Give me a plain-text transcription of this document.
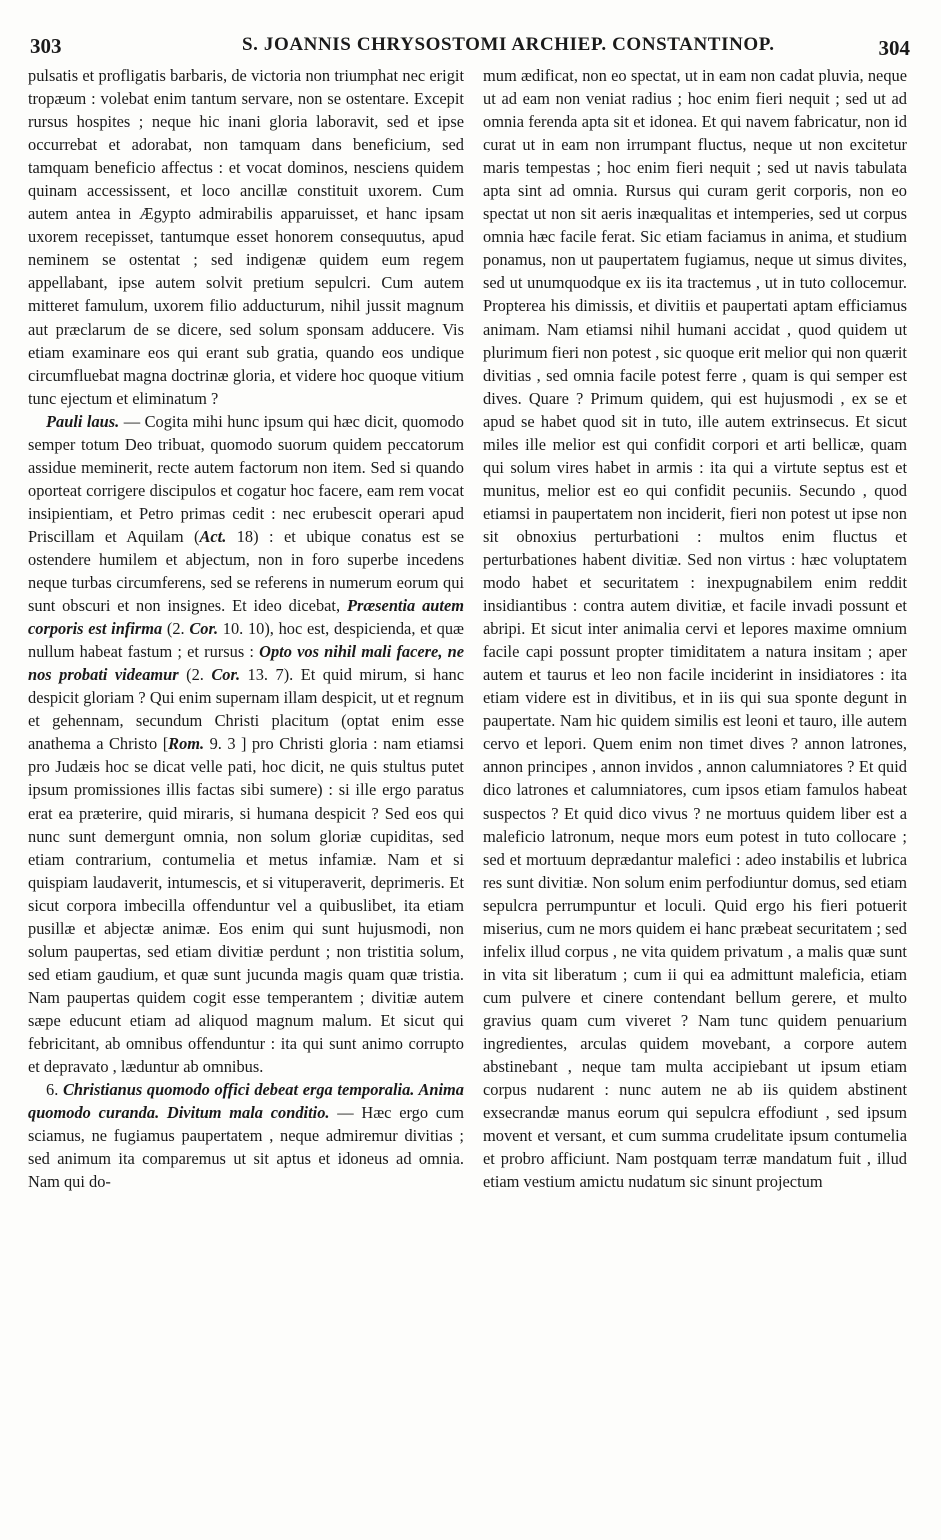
303	S. JOANNIS CHRYSOSTOMI ARCHIEP. CONSTANTINOP.	304

pulsatis et profligatis barbaris, de victoria non triumphat nec erigit tropæum : volebat enim tantum servare, non se ostentare. Excepit rursus hospites ; neque hic inani gloria laboravit, sed et ipse occurrebat et adorabat, non tamquam dans beneficium, sed tamquam beneficio affectus : et vocat dominos, nesciens quidem quinam accessissent, et loco ancillæ constituit uxorem. Cum autem antea in Ægypto admirabilis apparuisset, et hanc ipsam uxorem recepisset, tantumque esset honorem consequutus, apud neminem se ostentat ; sed indigenæ quidem eum regem appellabant, ipse autem solvit pretium sepulcri. Cum autem mitteret famulum, uxorem filio adducturum, nihil jussit magnum aut præclarum de se dicere, sed solum sponsam adducere. Vis etiam examinare eos qui erant sub gratia, quando eos undique circumfluebat magna doctrinæ gloria, et videre hoc quoque vitium tunc ejectum et eliminatum ?

Pauli laus. — Cogita mihi hunc ipsum qui hæc dicit, quomodo semper totum Deo tribuat, quomodo suorum quidem peccatorum assidue meminerit, recte autem factorum non item. Sed si quando oporteat corrigere discipulos et cogatur hoc facere, eam rem vocat insipientiam, et Petro primas cedit : nec erubescit operari apud Priscillam et Aquilam (Act. 18) : et ubique conatus est se ostendere humilem et abjectum, non in foro superbe incedens neque turbas circumferens, sed se referens in numerum eorum qui sunt obscuri et non insignes. Et ideo dicebat, Præsentia autem corporis est infirma (2. Cor. 10. 10), hoc est, despicienda, et quæ nullum habeat fastum ; et rursus : Opto vos nihil mali facere, ne nos probati videamur (2. Cor. 13. 7). Et quid mirum, si hanc despicit gloriam ? Qui enim supernam illam despicit, ut et regnum et gehennam, secundum Christi placitum (optat enim esse anathema a Christo [Rom. 9. 3 ] pro Christi gloria : nam etiamsi pro Judæis hoc se dicat velle pati, hoc dicit, ne quis stultus putet ipsum promissiones illis factas sibi sumere) : si ille ergo paratus erat ea præterire, quid miraris, si humana despicit ? Sed eos qui nunc sunt demergunt omnia, non solum gloriæ cupiditas, sed etiam contrarium, contumelia et metus infamiæ. Nam et si quispiam laudaverit, intumescis, et si vituperaverit, deprimeris. Et sicut corpora imbecilla offenduntur vel a quibuslibet, ita etiam pusillæ et abjectæ animæ. Eos enim qui sunt hujusmodi, non solum paupertas, sed etiam divitiæ perdunt ; non tristitia solum, sed etiam gaudium, et quæ sunt jucunda magis quam quæ tristia. Nam paupertas quidem cogit esse temperantem ; divitiæ autem sæpe educunt etiam ad aliquod magnum malum. Et sicut qui febricitant, ab omnibus offenduntur : ita qui sunt animo corrupto et depravato , læduntur ab omnibus.

6. Christianus quomodo offici debeat erga temporalia. Anima quomodo curanda. Divitum mala conditio. — Hæc ergo cum sciamus, ne fugiamus paupertatem , neque admiremur divitias ; sed animum ita comparemus ut sit aptus et idoneus ad omnia. Nam qui do-

mum ædificat, non eo spectat, ut in eam non cadat pluvia, neque ut ad eam non veniat radius ; hoc enim fieri nequit ; sed ut ad omnia ferenda apta sit et idonea. Et qui navem fabricatur, non id curat ut in eam non irrumpant fluctus, neque ut non excitetur maris tempestas ; hoc enim fieri nequit ; sed ut navis tabulata apta sint ad omnia. Rursus qui curam gerit corporis, non eo spectat ut non sit aeris inæqualitas et intemperies, sed ut corpus omnia hæc facile ferat. Sic etiam faciamus in anima, et studium ponamus, non ut paupertatem fugiamus, neque ut simus divites, sed ut unumquodque ex iis ita tractemus , ut in tuto collocemur. Propterea his dimissis, et divitiis et paupertati aptam efficiamus animam. Nam etiamsi nihil humani accidat , quod quidem ut plurimum fieri non potest , sic quoque erit melior qui non quærit divitias , sed omnia facile potest ferre , quam is qui semper est dives. Quare ? Primum quidem, qui est hujusmodi , ex se et apud se habet quod sit in tuto, ille autem extrinsecus. Et sicut miles ille melior est qui confidit corpori et arti bellicæ, quam qui solum vires habet in armis : ita qui a virtute septus est et munitus, melior est eo qui confidit pecuniis. Secundo , quod etiamsi in paupertatem non inciderit, fieri non potest ut ipse non sit obnoxius perturbationi : multos enim fluctus et perturbationes habent divitiæ. Sed non virtus : hæc voluptatem modo habet et securitatem : inexpugnabilem enim reddit insidiantibus : contra autem divitiæ, et facile invadi possunt et abripi. Et sicut inter animalia cervi et lepores maxime omnium facile capi possunt propter timiditatem a natura insitam ; aper autem et taurus et leo non facile inciderint in insidiatores : ita etiam videre est in divitibus, et in iis qui sua sponte degunt in paupertate. Nam hic quidem similis est leoni et tauro, ille autem cervo et lepori. Quem enim non timet dives ? annon latrones, annon principes , annon invidos , annon calumniatores ? Et quid dico latrones et calumniatores, cum ipsos etiam famulos habeat suspectos ? Et quid dico vivus ? ne mortuus quidem liber est a maleficio latronum, neque mors eum potest in tuto collocare ; sed et mortuum deprædantur malefici : adeo instabilis et lubrica res sunt divitiæ. Non solum enim perfodiuntur domus, sed etiam sepulcra perrumpuntur et loculi. Quid ergo his fieri potuerit miserius, cum ne mors quidem ei hanc præbeat securitatem ; sed infelix illud corpus , ne vita quidem privatum , a malis quæ sunt in vita sit liberatum ; cum ii qui ea admittunt maleficia, etiam cum pulvere et cinere contendant bellum gerere, et multo gravius quam cum viveret ? Nam tunc quidem penuarium ingredientes, arculas quidem movebant, a corpore autem abstinebant , neque tam multa accipiebant ut ipsum etiam corpus nudarent : nunc autem ne ab iis quidem abstinent exsecrandæ manus eorum qui sepulcra effodiunt , sed ipsum movent et versant, et cum summa crudelitate ipsum contumelia et probro afficiunt. Nam postquam terræ mandatum fuit , illud etiam vestium amictu nudatum sic sinunt projectum
